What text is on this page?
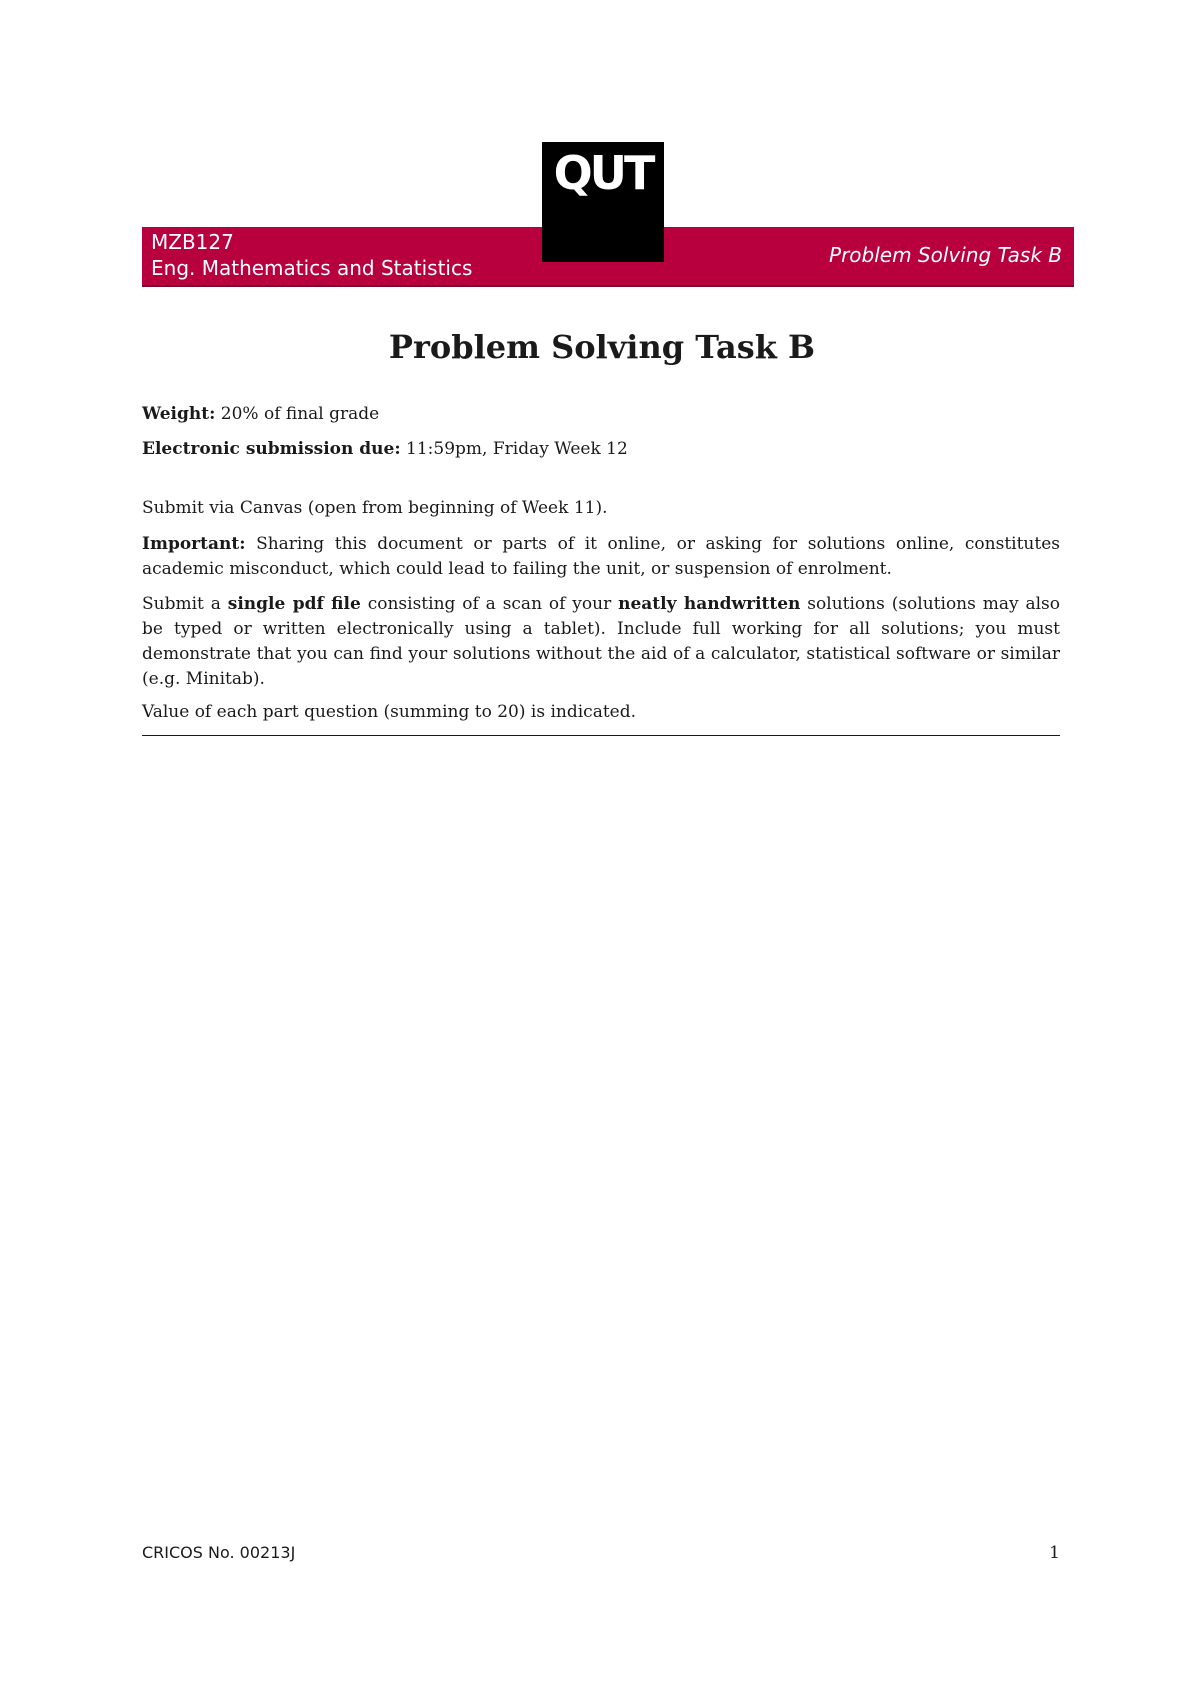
QUT
MZB127
Eng. Mathematics and Statistics
Problem Solving Task B
Problem Solving Task B
Weight: 20% of final grade
Electronic submission due: 11:59pm, Friday Week 12
Submit via Canvas (open from beginning of Week 11).
Important: Sharing this document or parts of it online, or asking for solutions online, constitutes academic misconduct, which could lead to failing the unit, or suspension of enrolment.
Submit a single pdf file consisting of a scan of your neatly handwritten solutions (solutions may also be typed or written electronically using a tablet). Include full working for all solutions; you must demonstrate that you can find your solutions without the aid of a calculator, statistical software or similar (e.g. Minitab).
Value of each part question (summing to 20) is indicated.
CRICOS No. 00213J	1
